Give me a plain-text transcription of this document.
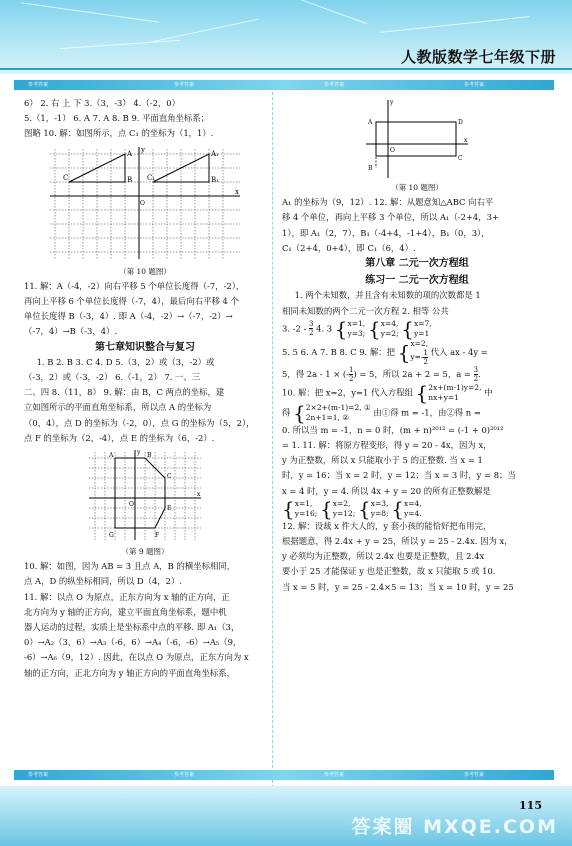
人教版数学七年级下册
参考答案	参考答案	参考答案	参考答案

6） 2. 右 上 下 3.（3，-3） 4.（-2，0）

5.（1，-1） 6. A 7. A 8. B 9. 平面直角坐标系；

图略 10. 解：如图所示，点 C₁ 的坐标为（1，1）.

C
A
B C₁
A₁
B₁
y
x
O

（第 10 题图）

11. 解：A（-4，-2）向右平移 5 个单位长度得（-7，-2），

再向上平移 6 个单位长度得（-7，4），最后向右平移 4 个

单位长度得 B（-3，4）. 即 A（-4，-2）→（-7，-2）→

（-7，4）→B（-3，4）.

第七章知识整合与复习

1. B 2. B 3. C 4. D 5.（3，2）或（3，-2）或

（-3，2）或（-3，-2） 6.（-1，2） 7. 一、三

二、四 8.（11，8） 9. 解：由 B，C 两点的坐标，建

立如图所示的平面直角坐标系，所以点 A 的坐标为

（0，4），点 D 的坐标为（-2，0），点 G 的坐标为（5，2），

点 F 的坐标为（2，-4），点 E 的坐标为（6，-2）.

A	B
C
E
F
G
O
y
x

（第 9 题图）

10. 解：如图，因为 AB = 3 且点 A，B 的横坐标相同，

点 A，D 的纵坐标相同，所以 D（4，2）.

11. 解：以点 O 为原点，正东方向为 x 轴的正方向，正

北方向为 y 轴的正方向，建立平面直角坐标系，题中机

器人运动的过程，实质上是坐标系中点的平移. 即 A₁（3，

0）→A₂（3，6）→A₃（-6，6）→A₄（-6，-6）→A₅（9，

-6）→A₆（9，12）. 因此，在以点 O 为原点，正东方向为 x

轴的正方向，正北方向为 y 轴正方向的平面直角坐标系，

A	D
C
B
y
x
O

（第 10 题图）

A₁ 的坐标为（9，12）. 12. 解：从题意知△ABC 向右平

移 4 个单位，再向上平移 3 个单位，所以 A₁（-2+4，3+

1），即 A₁（2，7），B₁（-4+4，-1+4），B₁（0，3），

C₁（2+4，0+4），即 C₁（6，4）.

第八章 二元一次方程组

练习一 二元一次方程组

1. 两个未知数，并且含有未知数的项的次数都是 1

相同未知数的两个二元一次方程 2. 相等 公共

3. $-2 - \frac{3}{2} 4$. 3 {x=1,
y=3; {x=4,
y=2; {x=7,
y=1

5. 5 6. A 7. B 8. C 9. 解：把 {x=2,
$y=- \frac{1}{2}$ 代入 ax - 4y =

5，得 2a - 1 × (- $\frac{1}{2}$ ) = 5，所以 2a + 2 = 5，$a = \frac{3}{2}$ .

10. 解：把 x=2，y=1 代入方程组 {2x+(m-1)y=2,
nx+y=1	中

得 {2×2+(m-1)=2, ①
2n+1=1, ②	由①得 m = -1，由②得 n =

0. 所以当 m = -1，n = 0 时，(m + n)²⁰¹² = (-1 + 0)²⁰¹²

= 1. 11. 解：将原方程变形，得 y = 20 - 4x，因为 x，

y 为正整数，所以 x 只能取小于 5 的正整数. 当 x = 1

时，y = 16；当 x = 2 时，y = 12；当 x = 3 时，y = 8；当

x = 4 时，y = 4. 所以 4x + y = 20 的所有正整数解是

{x=1,
y=16; {x=2,
y=12; {x=3,
y=8; {x=4,
y=4.

12. 解：设裁 x 件大人的，y 套小孩的能恰好把布用完，

根据题意，得 2.4x + y = 25，所以 y = 25 - 2.4x. 因为 x，

y 必须均为正整数，所以 2.4x 也要是正整数，且 2.4x

要小于 25 才能保证 y 也是正整数，故 x 只能取 5 或 10.

当 x = 5 时，y = 25 - 2.4×5 = 13；当 x = 10 时，y = 25

参考答案	参考答案	参考答案	参考答案
115
答案圈 MXQE.COM
